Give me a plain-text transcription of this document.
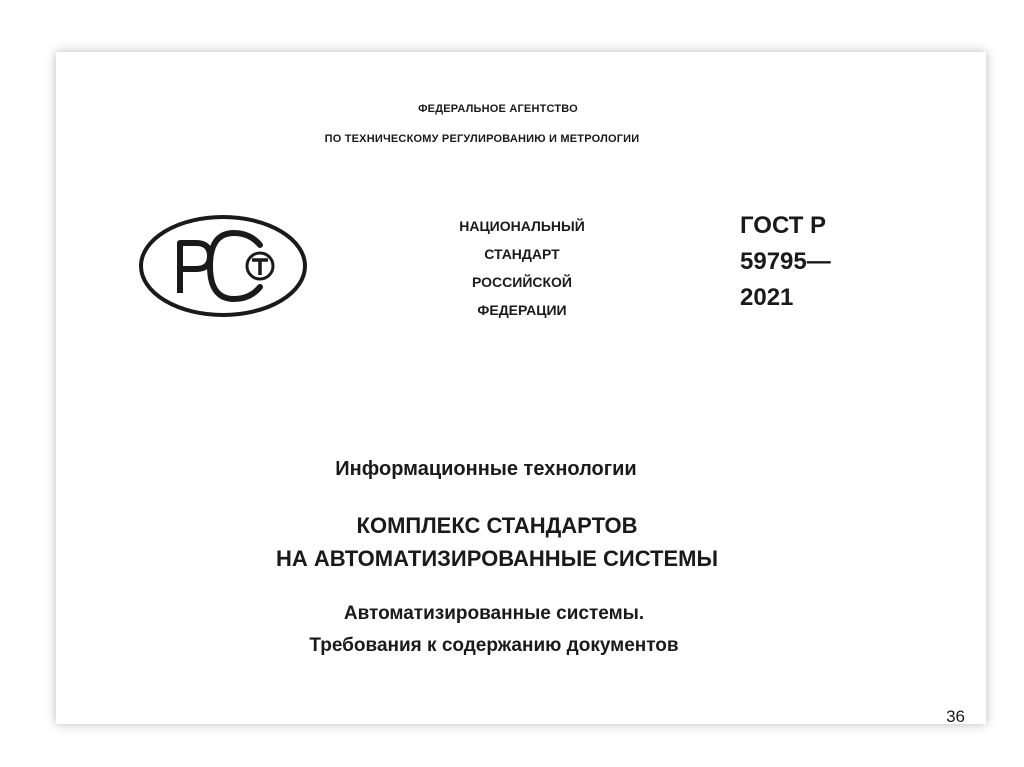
ФЕДЕРАЛЬНОЕ АГЕНТСТВО
ПО ТЕХНИЧЕСКОМУ РЕГУЛИРОВАНИЮ И МЕТРОЛОГИИ
НАЦИОНАЛЬНЫЙ
СТАНДАРТ
РОССИЙСКОЙ
ФЕДЕРАЦИИ
ГОСТ Р
59795—
2021
Информационные технологии
КОМПЛЕКС СТАНДАРТОВ
НА АВТОМАТИЗИРОВАННЫЕ СИСТЕМЫ
Автоматизированные системы.
Требования к содержанию документов
36
